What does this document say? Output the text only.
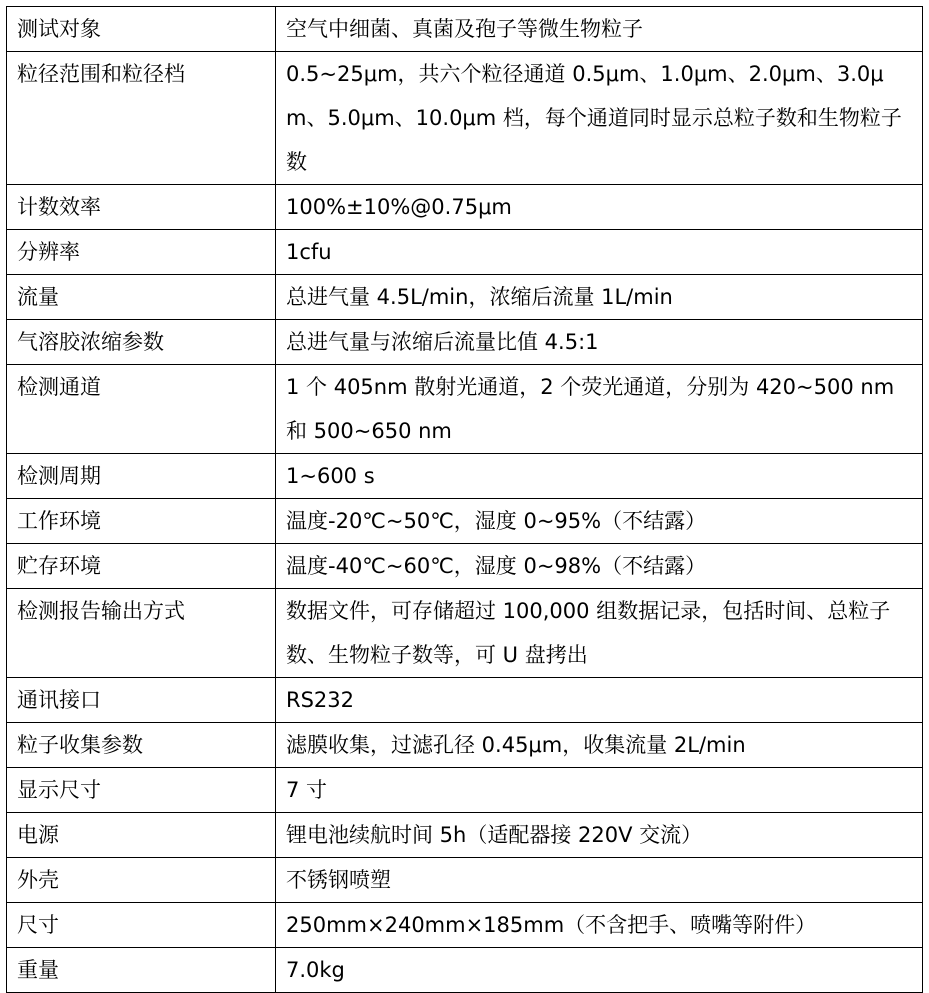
测试对象	空气中细菌、真菌及孢子等微生物粒子
粒径范围和粒径档	0.5~25μm，共六个粒径通道 0.5μm、1.0μm、2.0μm、3.0μm、5.0μm、10.0μm 档，每个通道同时显示总粒子数和生物粒子数
计数效率	100%±10%@0.75μm
分辨率	1cfu
流量	总进气量 4.5L/min，浓缩后流量 1L/min
气溶胶浓缩参数	总进气量与浓缩后流量比值 4.5:1
检测通道	1 个 405nm 散射光通道，2 个荧光通道，分别为 420~500 nm 和 500~650 nm
检测周期	1~600 s
工作环境	温度-20℃~50℃，湿度 0~95%（不结露）
贮存环境	温度-40℃~60℃，湿度 0~98%（不结露）
检测报告输出方式	数据文件，可存储超过 100,000 组数据记录，包括时间、总粒子数、生物粒子数等，可 U 盘拷出
通讯接口	RS232
粒子收集参数	滤膜收集，过滤孔径 0.45μm，收集流量 2L/min
显示尺寸	7 寸
电源	锂电池续航时间 5h（适配器接 220V 交流）
外壳	不锈钢喷塑
尺寸	250mm×240mm×185mm（不含把手、喷嘴等附件）
重量	7.0kg
